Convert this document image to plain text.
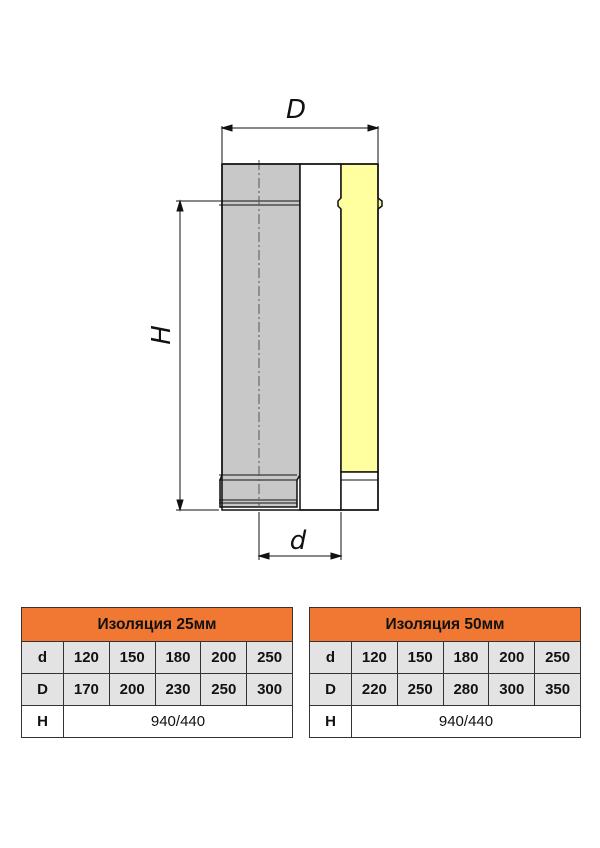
D
H
d
Изоляция 25мм					
d	120	150	180	200	250
D	170	200	230	250	300
H	940/440				
Изоляция 50мм					
d	120	150	180	200	250
D	220	250	280	300	350
H	940/440				
